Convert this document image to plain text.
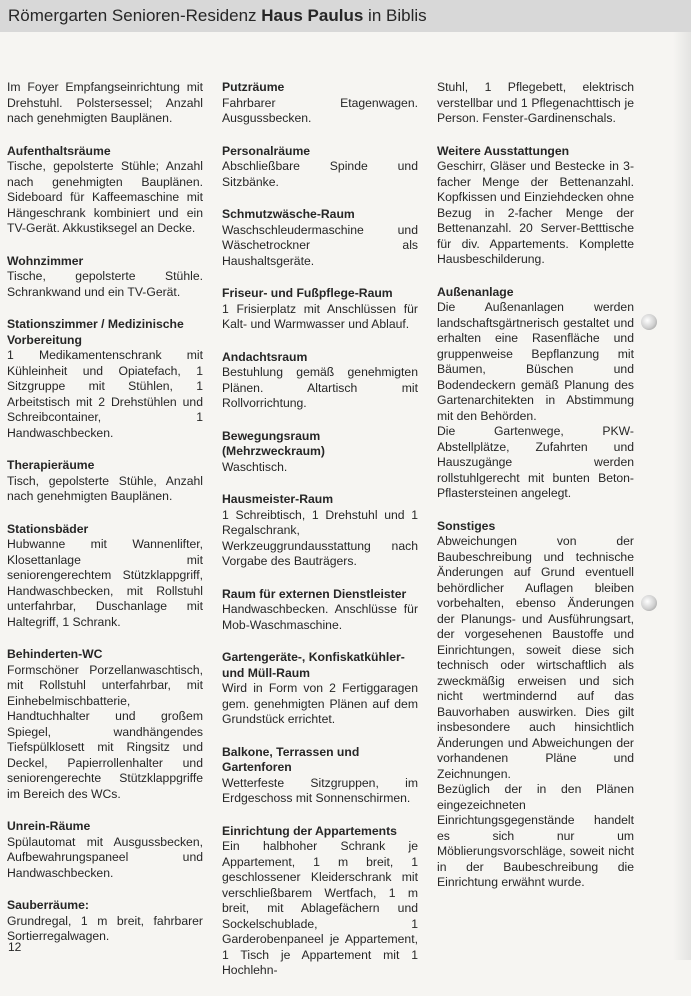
Römergarten Senioren-Residenz Haus Paulus in Biblis

Im Foyer Empfangseinrichtung mit Drehstuhl. Polstersessel; Anzahl nach genehmigten Bauplänen.

Aufenthaltsräume

Tische, gepolsterte Stühle; Anzahl nach genehmigten Bauplänen. Sideboard für Kaffeemaschine mit Hängeschrank kombiniert und ein TV-Gerät. Akkustiksegel an Decke.

Wohnzimmer

Tische, gepolsterte Stühle. Schrankwand und ein TV-Gerät.

Stationszimmer / Medizinische Vorbereitung

1 Medikamentenschrank mit Kühleinheit und Opiatefach, 1 Sitzgruppe mit Stühlen, 1 Arbeitstisch mit 2 Drehstühlen und Schreibcontainer, 1 Handwaschbecken.

Therapieräume

Tisch, gepolsterte Stühle, Anzahl nach genehmigten Bauplänen.

Stationsbäder

Hubwanne mit Wannenlifter, Klosettanlage mit seniorengerechtem Stützklappgriff, Handwaschbecken, mit Rollstuhl unterfahrbar, Duschanlage mit Haltegriff, 1 Schrank.

Behinderten-WC

Formschöner Porzellanwaschtisch, mit Rollstuhl unterfahrbar, mit Einhebelmischbatterie, Handtuchhalter und großem Spiegel, wandhängendes Tiefspülklosett mit Ringsitz und Deckel, Papierrollenhalter und seniorengerechte Stützklappgriffe im Bereich des WCs.

Unrein-Räume

Spülautomat mit Ausgussbecken, Aufbewahrungspaneel und Handwaschbecken.

Sauberräume:

Grundregal, 1 m breit, fahrbarer Sortierregalwagen.

Putzräume

Fahrbarer Etagenwagen. Ausgussbecken.

Personalräume

Abschließbare Spinde und Sitzbänke.

Schmutzwäsche-Raum

Waschschleudermaschine und Wäschetrockner als Haushaltsgeräte.

Friseur- und Fußpflege-Raum

1 Frisierplatz mit Anschlüssen für Kalt- und Warmwasser und Ablauf.

Andachtsraum

Bestuhlung gemäß genehmigten Plänen. Altartisch mit Rollvorrichtung.

Bewegungsraum (Mehrzweckraum)

Waschtisch.

Hausmeister-Raum

1 Schreibtisch, 1 Drehstuhl und 1 Regalschrank, Werkzeuggrundausstattung nach Vorgabe des Bauträgers.

Raum für externen Dienstleister

Handwaschbecken. Anschlüsse für Mob-Waschmaschine.

Gartengeräte-, Konfiskatkühler- und Müll-Raum

Wird in Form von 2 Fertiggaragen gem. genehmigten Plänen auf dem Grundstück errichtet.

Balkone, Terrassen und Gartenforen

Wetterfeste Sitzgruppen, im Erdgeschoss mit Sonnenschirmen.

Einrichtung der Appartements

Ein halbhoher Schrank je Appartement, 1 m breit, 1 geschlossener Kleiderschrank mit verschließbarem Wertfach, 1 m breit, mit Ablagefächern und Sockelschublade, 1 Garderobenpaneel je Appartement, 1 Tisch je Appartement mit 1 Hochlehn-

Stuhl, 1 Pflegebett, elektrisch verstellbar und 1 Pflegenachttisch je Person. Fenster-Gardinenschals.

Weitere Ausstattungen

Geschirr, Gläser und Bestecke in 3-facher Menge der Bettenanzahl. Kopfkissen und Einziehdecken ohne Bezug in 2-facher Menge der Bettenanzahl. 20 Server-Betttische für div. Appartements. Komplette Hausbeschilderung.

Außenanlage

Die Außenanlagen werden landschaftsgärtnerisch gestaltet und erhalten eine Rasenfläche und gruppenweise Bepflanzung mit Bäumen, Büschen und Bodendeckern gemäß Planung des Gartenarchitekten in Abstimmung mit den Behörden.

Die Gartenwege, PKW-Abstellplätze, Zufahrten und Hauszugänge werden rollstuhlgerecht mit bunten Beton-Pflastersteinen angelegt.

Sonstiges

Abweichungen von der Baubeschreibung und technische Änderungen auf Grund eventuell behördlicher Auflagen bleiben vorbehalten, ebenso Änderungen der Planungs- und Ausführungsart, der vorgesehenen Baustoffe und Einrichtungen, soweit diese sich technisch oder wirtschaftlich als zweckmäßig erweisen und sich nicht wertmindernd auf das Bauvorhaben auswirken. Dies gilt insbesondere auch hinsichtlich Änderungen und Abweichungen der vorhandenen Pläne und Zeichnungen.

Bezüglich der in den Plänen eingezeichneten Einrichtungsgegenstände handelt es sich nur um Möblierungsvorschläge, soweit nicht in der Baubeschreibung die Einrichtung erwähnt wurde.

12
